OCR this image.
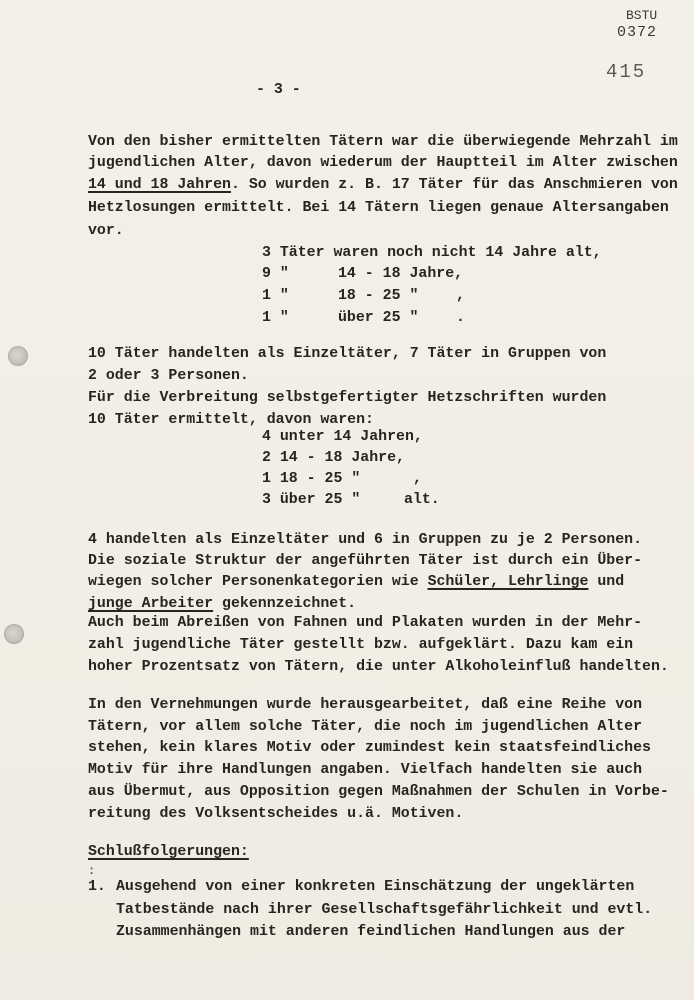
BSTU
0372
415
- 3 -
Von den bisher ermittelten Tätern war die überwiegende Mehrzahl im
jugendlichen Alter, davon wiederum der Hauptteil im Alter zwischen
14 und 18 Jahren. So wurden z. B. 17 Täter für das Anschmieren von
Hetzlosungen ermittelt. Bei 14 Tätern liegen genaue Altersangaben
vor.
3 Täter waren noch nicht 14 Jahre alt,
9 "	14 - 18 Jahre,
1 "	18 - 25 "	,
1 "	über 25 "	.
10 Täter handelten als Einzeltäter, 7 Täter in Gruppen von
2 oder 3 Personen.
Für die Verbreitung selbstgefertigter Hetzschriften wurden
10 Täter ermittelt, davon waren:
4 unter 14 Jahren,
2 14 - 18 Jahre,
1 18 - 25 "	,
3 über 25 "	alt.
4 handelten als Einzeltäter und 6 in Gruppen zu je 2 Personen.
Die soziale Struktur der angeführten Täter ist durch ein Über-
wiegen solcher Personenkategorien wie Schüler, Lehrlinge und
junge Arbeiter gekennzeichnet.
Auch beim Abreißen von Fahnen und Plakaten wurden in der Mehr-
zahl jugendliche Täter gestellt bzw. aufgeklärt. Dazu kam ein
hoher Prozentsatz von Tätern, die unter Alkoholeinfluß handelten.
In den Vernehmungen wurde herausgearbeitet, daß eine Reihe von
Tätern, vor allem solche Täter, die noch im jugendlichen Alter
stehen, kein klares Motiv oder zumindest kein staatsfeindliches
Motiv für ihre Handlungen angaben. Vielfach handelten sie auch
aus Übermut, aus Opposition gegen Maßnahmen der Schulen in Vorbe-
reitung des Volksentscheides u.ä. Motiven.
Schlußfolgerungen:
:
1. Ausgehend von einer konkreten Einschätzung der ungeklärten
Tatbestände nach ihrer Gesellschaftsgefährlichkeit und evtl.
Zusammenhängen mit anderen feindlichen Handlungen aus der
